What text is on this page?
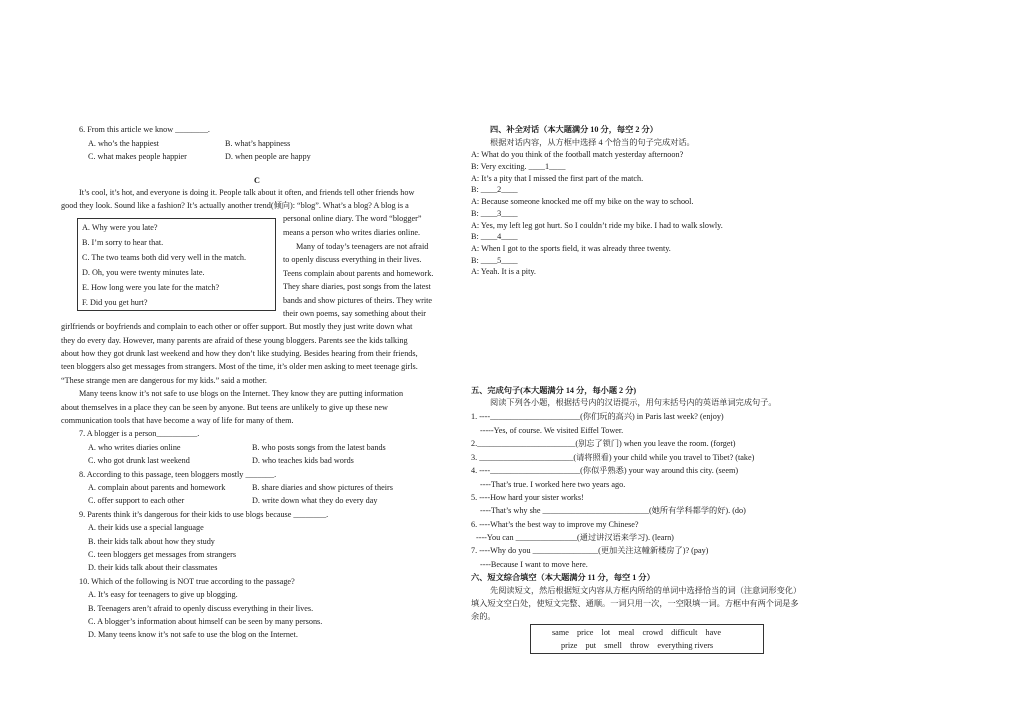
6. From this article we know ________.
A. who’s the happiest	B. what’s happiness
C. what makes people happier	D. when people are happy
C
It’s cool, it’s hot, and everyone is doing it. People talk about it often, and friends tell other friends how
good they look. Sound like a fashion? It’s actually another trend(倾向): “blog”. What’s a blog? A blog is a
personal online diary. The word “blogger”
means a person who writes diaries online.
A. Why were you late?
B. I’m sorry to hear that.
C. The two teams both did very well in the match.
D. Oh, you were twenty minutes late.
E. How long were you late for the match?
F. Did you get hurt?
Many of today’s teenagers are not afraid
to openly discuss everything in their lives.
Teens complain about parents and homework.
They share diaries, post songs from the latest
bands and show pictures of theirs. They write
their own poems, say something about their
girlfriends or boyfriends and complain to each other or offer support. But mostly they just write down what
they do every day. However, many parents are afraid of these young bloggers. Parents see the kids talking
about how they got drunk last weekend and how they don’t like studying. Besides hearing from their friends,
teen bloggers also get messages from strangers. Most of the time, it’s older men asking to meet teenage girls.
“These strange men are dangerous for my kids.” said a mother.
Many teens know it’s not safe to use blogs on the Internet. They know they are putting information
about themselves in a place they can be seen by anyone. But teens are unlikely to give up these new
communication tools that have become a way of life for many of them.
7. A blogger is a person__________.
A. who writes diaries online	B. who posts songs from the latest bands
C. who got drunk last weekend	D. who teaches kids bad words
8. According to this passage, teen bloggers mostly _______.
A. complain about parents and homework	B. share diaries and show pictures of theirs
C. offer support to each other	D. write down what they do every day
9. Parents think it’s dangerous for their kids to use blogs because ________.
A. their kids use a special language
B. their kids talk about how they study
C. teen bloggers get messages from strangers
D. their kids talk about their classmates
10. Which of the following is NOT true according to the passage?
A. It’s easy for teenagers to give up blogging.
B. Teenagers aren’t afraid to openly discuss everything in their lives.
C. A blogger’s information about himself can be seen by many persons.
D. Many teens know it’s not safe to use the blog on the Internet.
四、补全对话（本大题满分 10 分，每空 2 分）
根据对话内容，从方框中选择 4 个恰当的句子完成对话。
A: What do you think of the football match yesterday afternoon?
B: Very exciting. ____1____
A: It’s a pity that I missed the first part of the match.
B: ____2____
A: Because someone knocked me off my bike on the way to school.
B: ____3____
A: Yes, my left leg got hurt. So I couldn’t ride my bike. I had to walk slowly.
B: ____4____
A: When I got to the sports field, it was already three twenty.
B: ____5____
A: Yeah. It is a pity.
五、完成句子(本大题满分 14 分，每小题 2 分)
阅读下列各小题，根据括号内的汉语提示，用句末括号内的英语单词完成句子。
1. ----______________________(你们玩的高兴) in Paris last week? (enjoy)
-----Yes, of course. We visited Eiffel Tower.
2.________________________(别忘了锁门) when you leave the room. (forget)
3. _______________________(请将照看) your child while you travel to Tibet? (take)
4. ----______________________(你似乎熟悉) your way around this city. (seem)
----That’s true. I worked here two years ago.
5. ----How hard your sister works!
----That’s why she __________________________(她所有学科都学的好). (do)
6. ----What’s the best way to improve my Chinese?
----You can _______________(通过讲汉语来学习). (learn)
7. ----Why do you ________________(更加关注这幢新楼房了)? (pay)
----Because I want to move here.
六、短文综合填空（本大题满分 11 分，每空 1 分）
先阅读短文，然后根据短文内容从方框内所给的单词中选择恰当的词（注意词形变化）
填入短文空白处，使短文完整、通顺。一词只用一次，一空限填一词。方框中有两个词是多
余的。
same    price    lot    meal    crowd    difficult    have
prize    put    smell    throw    everything rivers
